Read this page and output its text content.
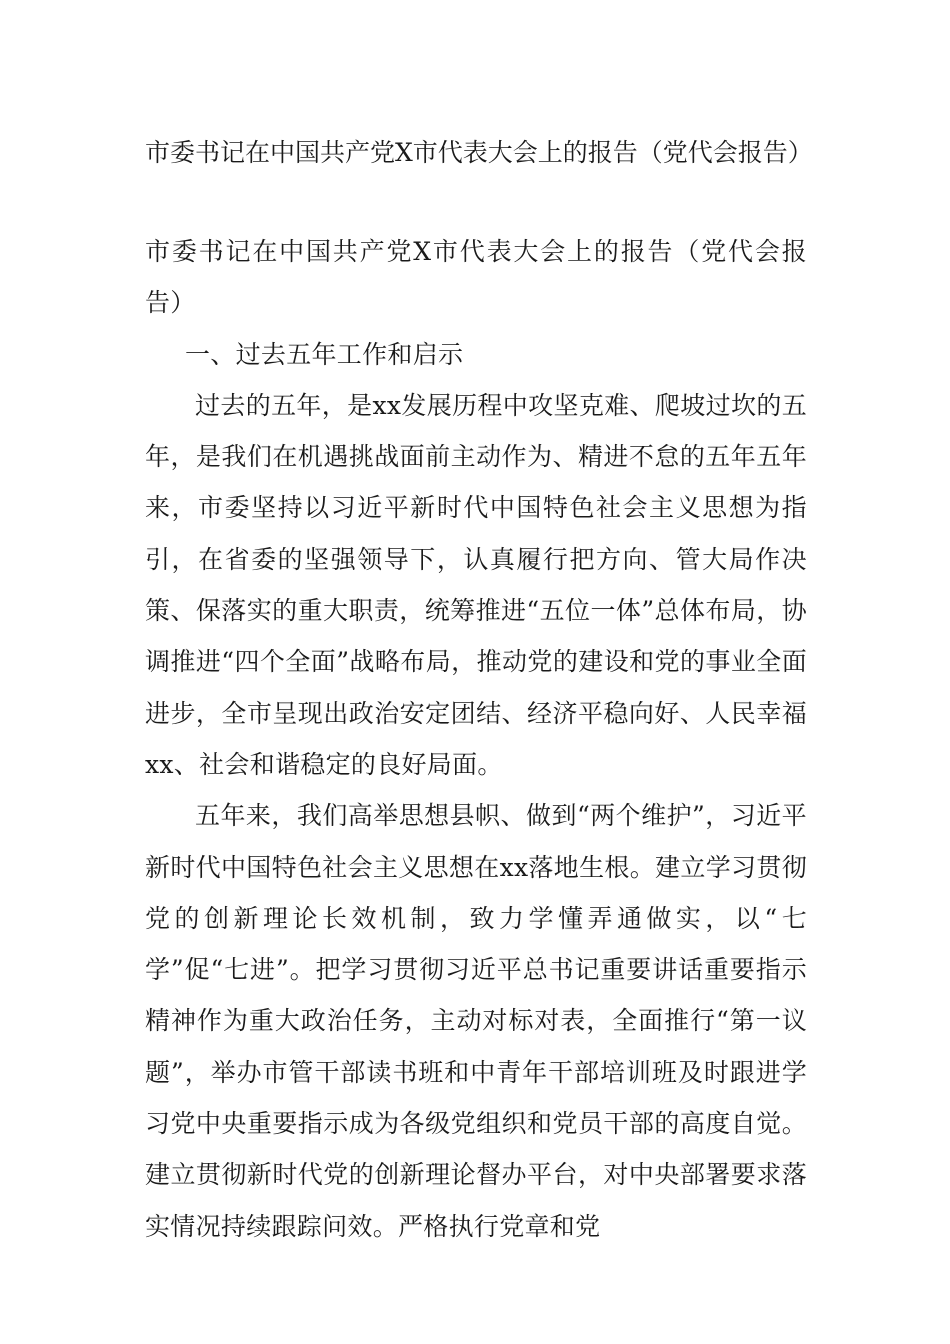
市委书记在中国共产党X市代表大会上的报告（党代会报告）

市委书记在中国共产党X市代表大会上的报告（党代会报告）

一、过去五年工作和启示

过去的五年，是xx发展历程中攻坚克难、爬坡过坎的五年，是我们在机遇挑战面前主动作为、精进不怠的五年五年来，市委坚持以习近平新时代中国特色社会主义思想为指引，在省委的坚强领导下，认真履行把方向、管大局作决策、保落实的重大职责，统筹推进“五位一体”总体布局，协调推进“四个全面”战略布局，推动党的建设和党的事业全面进步，全市呈现出政治安定团结、经济平稳向好、人民幸福xx、社会和谐稳定的良好局面。

五年来，我们高举思想县帜、做到“两个维护”，习近平新时代中国特色社会主义思想在xx落地生根。建立学习贯彻党的创新理论长效机制，致力学懂弄通做实，以“七学”促“七进”。把学习贯彻习近平总书记重要讲话重要指示精神作为重大政治任务，主动对标对表，全面推行“第一议题”，举办市管干部读书班和中青年干部培训班及时跟进学习党中央重要指示成为各级党组织和党员干部的高度自觉。建立贯彻新时代党的创新理论督办平台，对中央部署要求落实情况持续跟踪问效。严格执行党章和党
